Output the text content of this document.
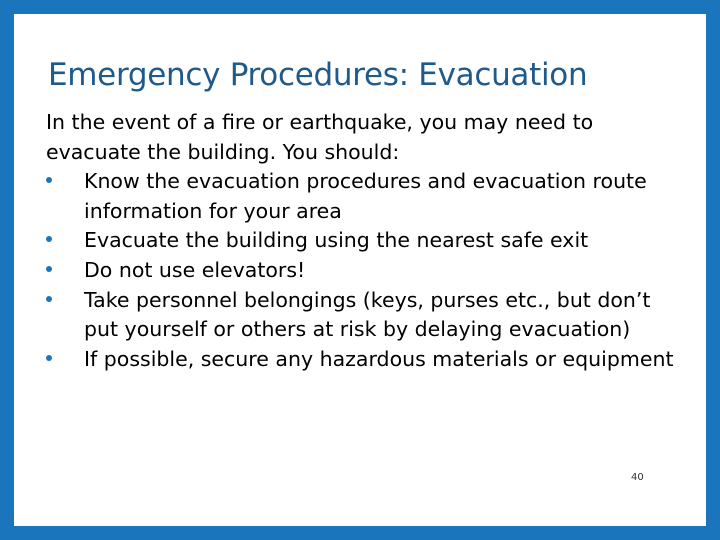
Emergency Procedures: Evacuation

In the event of a fire or earthquake, you may need to evacuate the building. You should:

Know the evacuation procedures and evacuation route information for your area
Evacuate the building using the nearest safe exit
Do not use elevators!
Take personnel belongings (keys, purses etc., but don’t put yourself or others at risk by delaying evacuation)
If possible, secure any hazardous materials or equipment
40
